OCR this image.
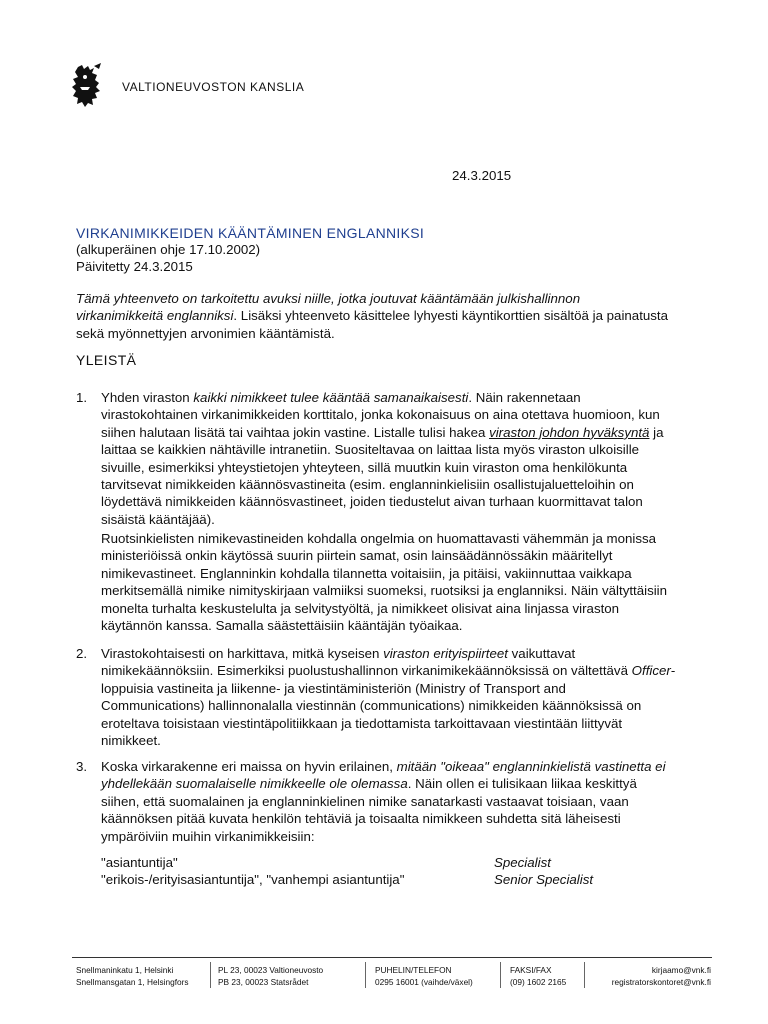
VALTIONEUVOSTON KANSLIA
24.3.2015
VIRKANIMIKKEIDEN KÄÄNTÄMINEN ENGLANNIKSI
(alkuperäinen ohje 17.10.2002)
Päivitetty 24.3.2015
Tämä yhteenveto on tarkoitettu avuksi niille, jotka joutuvat kääntämään julkishallinnon
virkanimikkeitä englanniksi. Lisäksi yhteenveto käsittelee lyhyesti käyntikorttien sisältöä ja painatusta
sekä myönnettyjen arvonimien kääntämistä.
YLEISTÄ
1. Yhden viraston kaikki nimikkeet tulee kääntää samanaikaisesti. Näin rakennetaan
virastokohtainen virkanimikkeiden korttitalo, jonka kokonaisuus on aina otettava huomioon, kun
siihen halutaan lisätä tai vaihtaa jokin vastine. Listalle tulisi hakea viraston johdon hyväksyntä ja
laittaa se kaikkien nähtäville intranetiin. Suositeltavaa on laittaa lista myös viraston ulkoisille
sivuille, esimerkiksi yhteystietojen yhteyteen, sillä muutkin kuin viraston oma henkilökunta
tarvitsevat nimikkeiden käännösvastineita (esim. englanninkielisiin osallistujaluetteloihin on
löydettävä nimikkeiden käännösvastineet, joiden tiedustelut aivan turhaan kuormittavat talon
sisäistä kääntäjää).
Ruotsinkielisten nimikevastineiden kohdalla ongelmia on huomattavasti vähemmän ja monissa
ministeriöissä onkin käytössä suurin piirtein samat, osin lainsäädännössäkin määritellyt
nimikevastineet. Englanninkin kohdalla tilannetta voitaisiin, ja pitäisi, vakiinnuttaa vaikkapa
merkitsemällä nimike nimityskirjaan valmiiksi suomeksi, ruotsiksi ja englanniksi. Näin vältyttäisiin
monelta turhalta keskustelulta ja selvitystyöltä, ja nimikkeet olisivat aina linjassa viraston
käytännön kanssa. Samalla säästettäisiin kääntäjän työaikaa.
2. Virastokohtaisesti on harkittava, mitkä kyseisen viraston erityispiirteet vaikuttavat
nimikekäännöksiin. Esimerkiksi puolustushallinnon virkanimikekäännöksissä on vältettävä Officer-
loppuisia vastineita ja liikenne- ja viestintäministeriön (Ministry of Transport and
Communications) hallinnonalalla viestinnän (communications) nimikkeiden käännöksissä on
eroteltava toisistaan viestintäpolitiikkaan ja tiedottamista tarkoittavaan viestintään liittyvät
nimikkeet.
3. Koska virkarakenne eri maissa on hyvin erilainen, mitään "oikeaa" englanninkielistä vastinetta ei
yhdellekään suomalaiselle nimikkeelle ole olemassa. Näin ollen ei tulisikaan liikaa keskittyä
siihen, että suomalainen ja englanninkielinen nimike sanatarkasti vastaavat toisiaan, vaan
käännöksen pitää kuvata henkilön tehtäviä ja toisaalta nimikkeen suhdetta sitä läheisesti
ympäröiviin muihin virkanimikkeisiin:
"asiantuntija"	Specialist
"erikois-/erityisasiantuntija", "vanhempi asiantuntija"	Senior Specialist
Snellmaninkatu 1, Helsinki
Snellmansgatan 1, Helsingfors
PL 23, 00023 Valtioneuvosto
PB 23, 00023 Statsrådet
PUHELIN/TELEFON
0295 16001 (vaihde/växel)
FAKSI/FAX
(09) 1602 2165
kirjaamo@vnk.fi
registratorskontoret@vnk.fi
